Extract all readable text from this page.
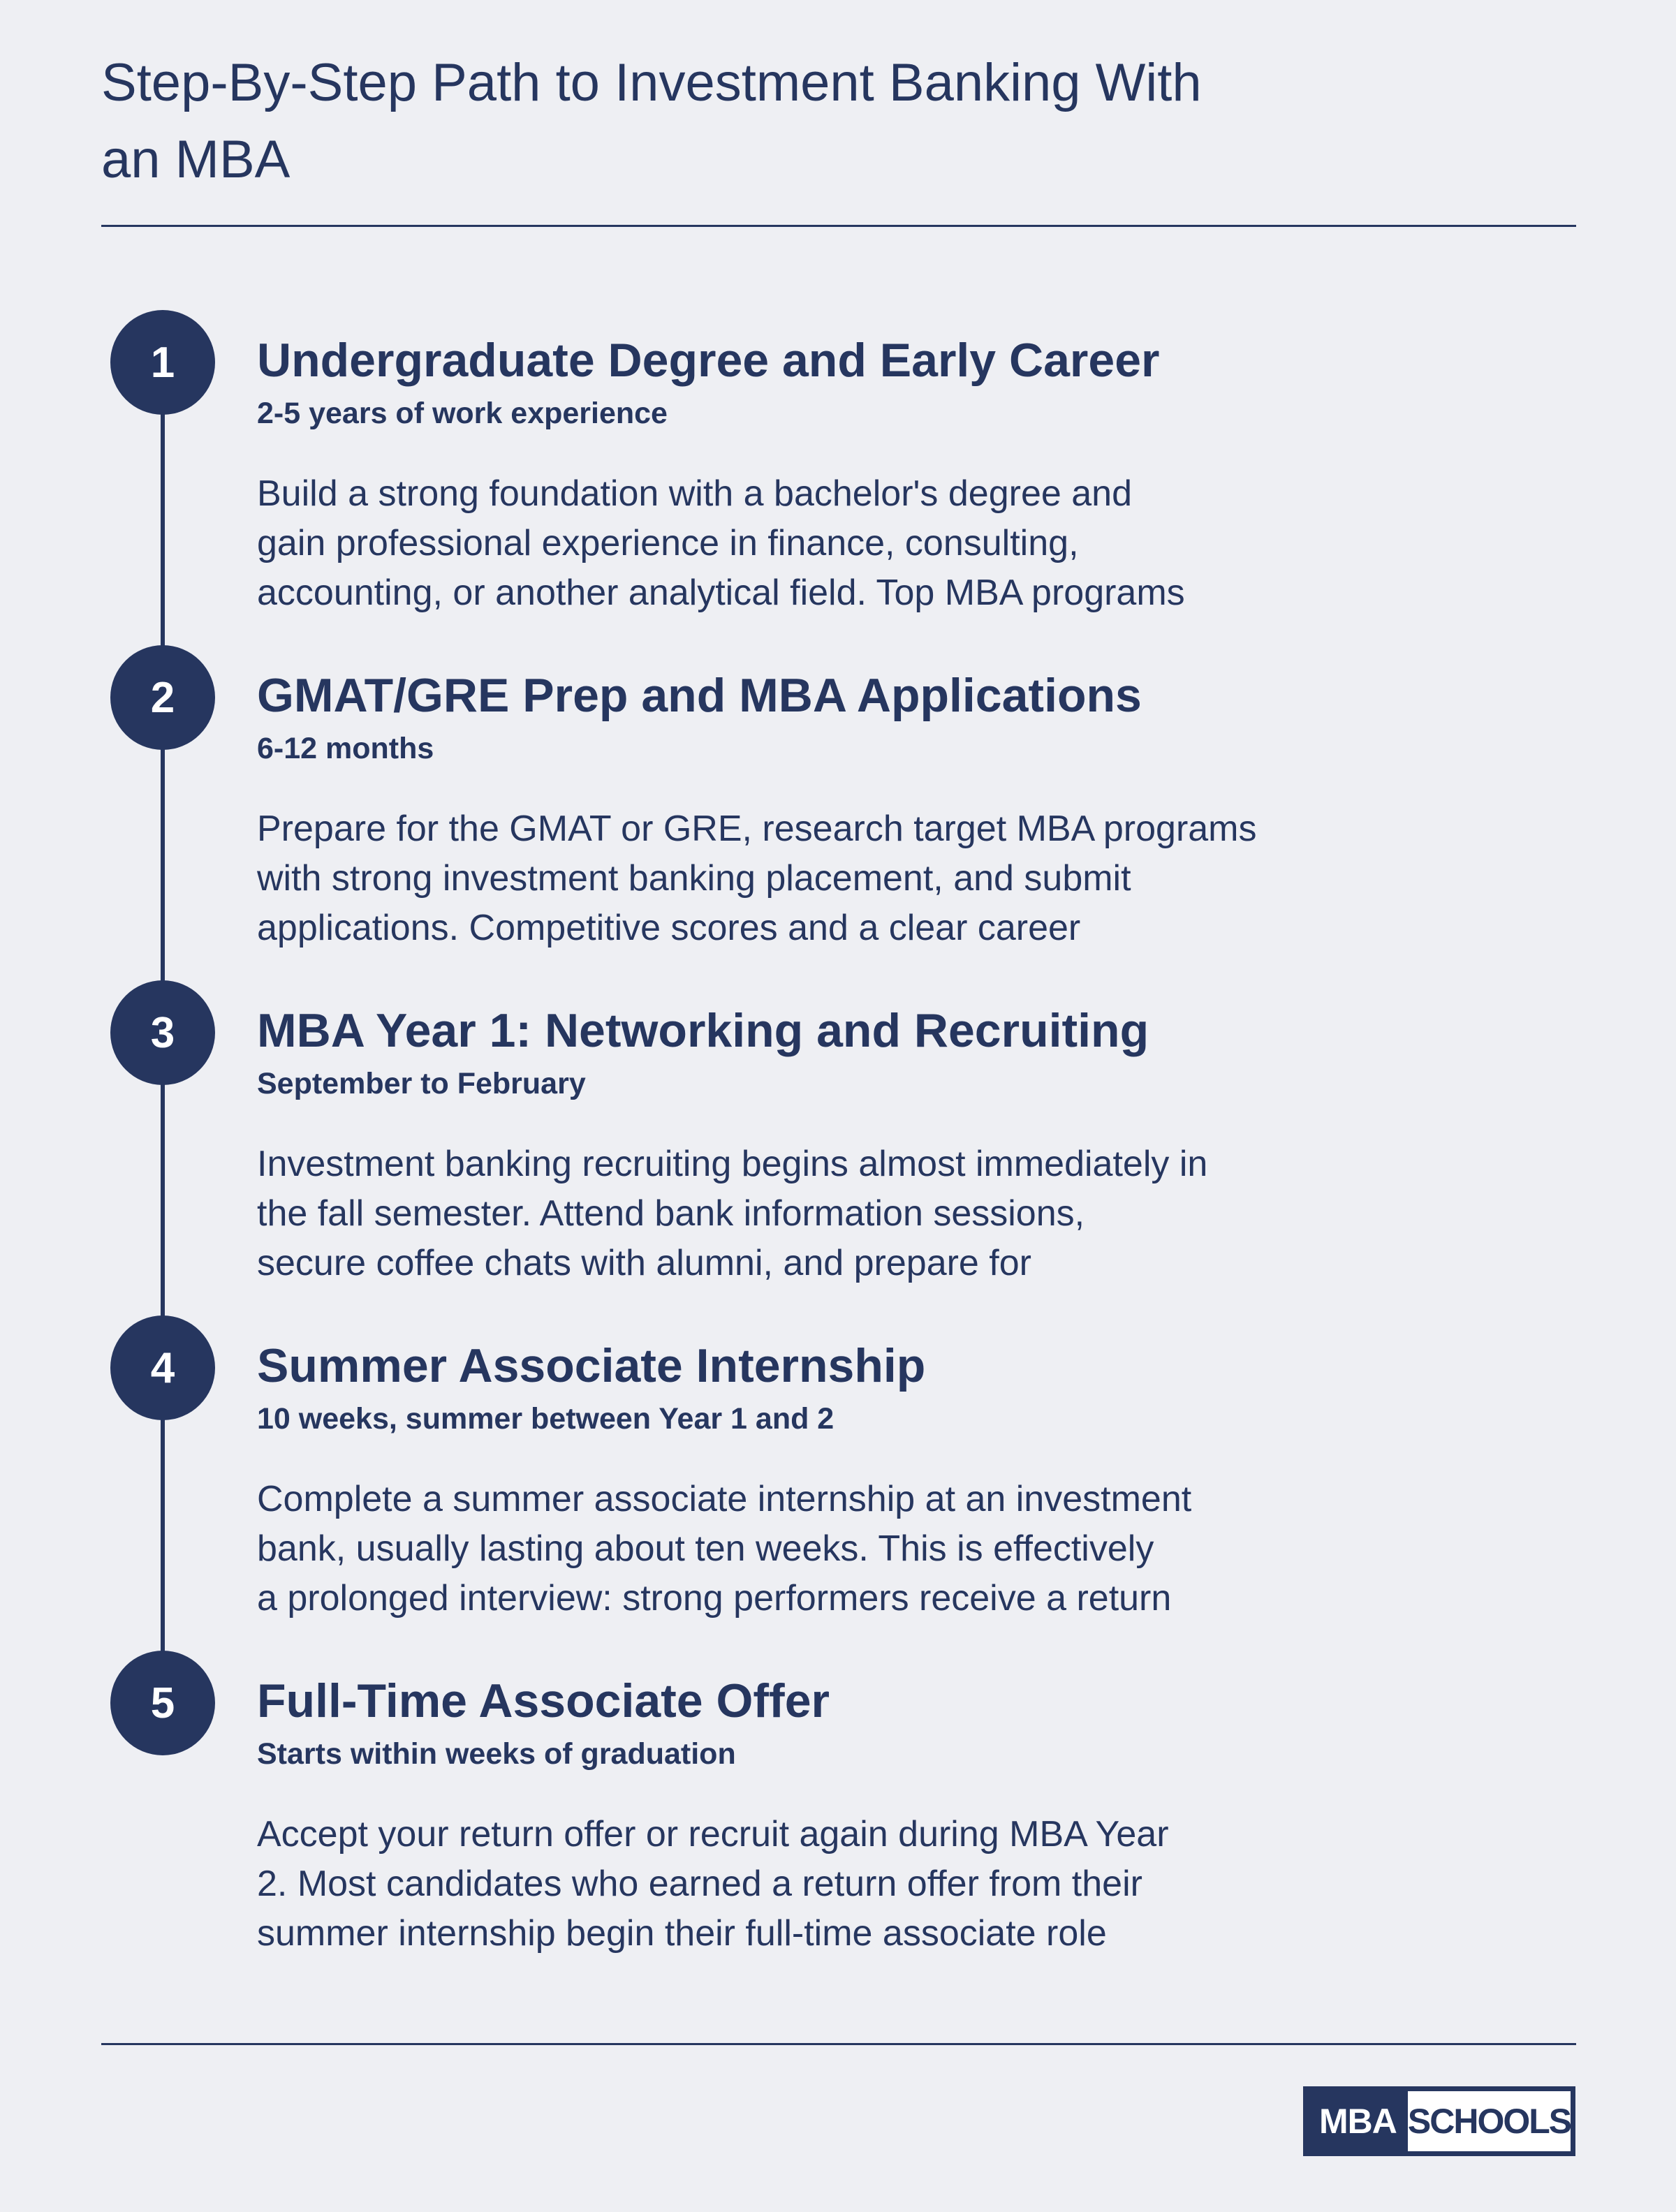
Step-By-Step Path to Investment Banking With
an MBA
1	Undergraduate Degree and Early Career
2-5 years of work experience
Build a strong foundation with a bachelor's degree and
gain professional experience in finance, consulting,
accounting, or another analytical field. Top MBA programs
2	GMAT/GRE Prep and MBA Applications
6-12 months
Prepare for the GMAT or GRE, research target MBA programs
with strong investment banking placement, and submit
applications. Competitive scores and a clear career
3	MBA Year 1: Networking and Recruiting
September to February
Investment banking recruiting begins almost immediately in
the fall semester. Attend bank information sessions,
secure coffee chats with alumni, and prepare for
4	Summer Associate Internship
10 weeks, summer between Year 1 and 2
Complete a summer associate internship at an investment
bank, usually lasting about ten weeks. This is effectively
a prolonged interview: strong performers receive a return
5	Full-Time Associate Offer
Starts within weeks of graduation
Accept your return offer or recruit again during MBA Year
2. Most candidates who earned a return offer from their
summer internship begin their full-time associate role
MBA SCHOOLS
